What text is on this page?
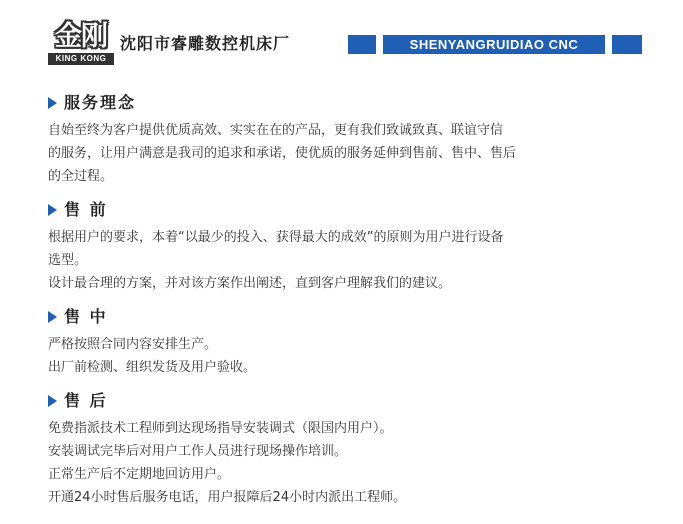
金刚
KING KONG
沈阳市睿雕数控机床厂	SHENYANGRUIDIAO CNC
服务理念
自始至终为客户提供优质高效、实实在在的产品，更有我们致诚致真、联谊守信
的服务，让用户满意是我司的追求和承诺，使优质的服务延伸到售前、售中、售后
的全过程。
售 前
根据用户的要求，本着“以最少的投入、获得最大的成效”的原则为用户进行设备
选型。
设计最合理的方案，并对该方案作出阐述，直到客户理解我们的建议。
售 中
严格按照合同内容安排生产。
出厂前检测、组织发货及用户验收。
售 后
免费指派技术工程师到达现场指导安装调式（限国内用户）。
安装调试完毕后对用户工作人员进行现场操作培训。
正常生产后不定期地回访用户。
开通24小时售后服务电话，用户报障后24小时内派出工程师。
